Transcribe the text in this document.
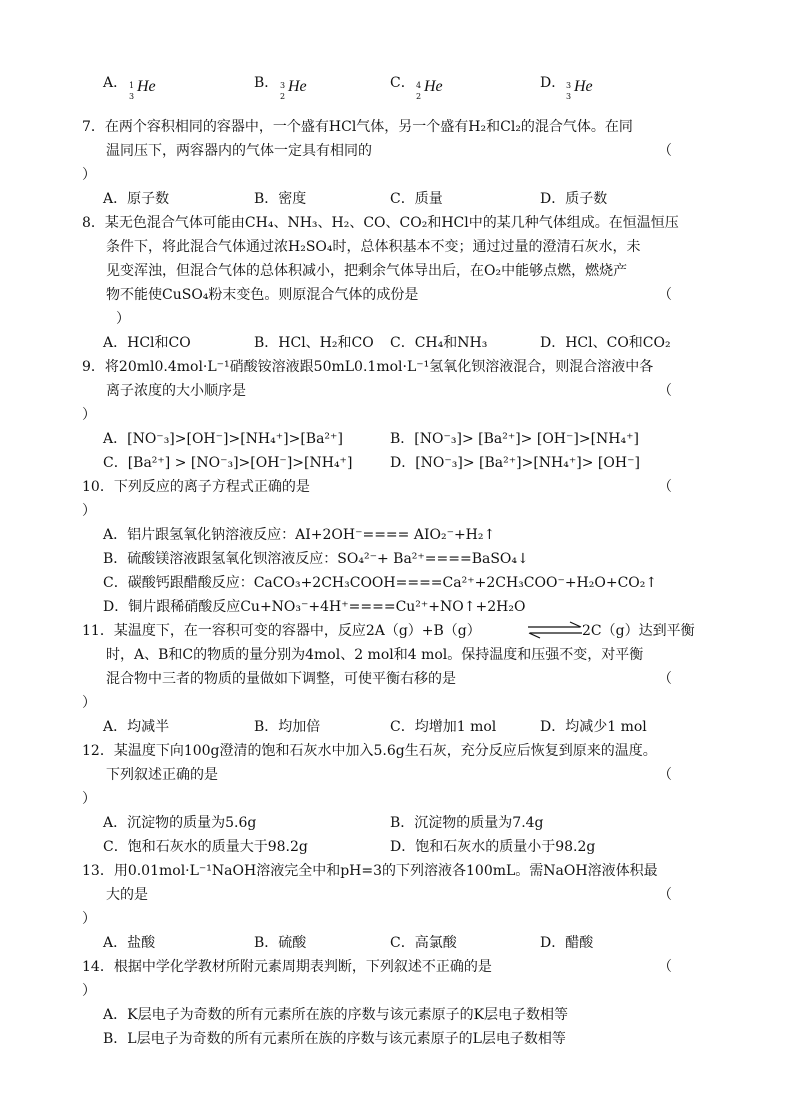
A． 1
3
He	B． 3
2
He	C． 4
2
He	D． 3
3
He
7．在两个容积相同的容器中，一个盛有HCl气体，另一个盛有H₂和Cl₂的混合气体。在同
温同压下，两容器内的气体一定具有相同的	（
）
A．原子数	B．密度	C．质量	D．质子数
8．某无色混合气体可能由CH₄、NH₃、H₂、CO、CO₂和HCl中的某几种气体组成。在恒温恒压
条件下，将此混合气体通过浓H₂SO₄时，总体积基本不变；通过过量的澄清石灰水，未
见变浑浊，但混合气体的总体积减小，把剩余气体导出后，在O₂中能够点燃，燃烧产
物不能使CuSO₄粉末变色。则原混合气体的成份是	（
）
A．HCl和CO	B．HCl、H₂和CO C．CH₄和NH₃	D．HCl、CO和CO₂
9．将20ml0.4mol·L⁻¹硝酸铵溶液跟50mL0.1mol·L⁻¹氢氧化钡溶液混合，则混合溶液中各
离子浓度的大小顺序是	（
）
A．[NO⁻₃]>[OH⁻]>[NH₄⁺]>[Ba²⁺]	B．[NO⁻₃]> [Ba²⁺]> [OH⁻]>[NH₄⁺]
C．[Ba²⁺] > [NO⁻₃]>[OH⁻]>[NH₄⁺]	D．[NO⁻₃]> [Ba²⁺]>[NH₄⁺]> [OH⁻]
10．下列反应的离子方程式正确的是	（
）
A．铝片跟氢氧化钠溶液反应：AI+2OH⁻==== AIO₂⁻+H₂↑
B．硫酸镁溶液跟氢氧化钡溶液反应：SO₄²⁻+ Ba²⁺====BaSO₄↓
C．碳酸钙跟醋酸反应：CaCO₃+2CH₃COOH====Ca²⁺+2CH₃COO⁻+H₂O+CO₂↑
D．铜片跟稀硝酸反应Cu+NO₃⁻+4H⁺====Cu²⁺+NO↑+2H₂O
11．某温度下，在一容积可变的容器中，反应2A（g）+B（g）	2C（g）达到平衡
时，A、B和C的物质的量分别为4mol、2 mol和4 mol。保持温度和压强不变，对平衡
混合物中三者的物质的量做如下调整，可使平衡右移的是	（
）
A．均减半	B．均加倍	C．均增加1 mol	D．均减少1 mol
12．某温度下向100g澄清的饱和石灰水中加入5.6g生石灰，充分反应后恢复到原来的温度。
下列叙述正确的是	（
）
A．沉淀物的质量为5.6g	B．沉淀物的质量为7.4g
C．饱和石灰水的质量大于98.2g	D．饱和石灰水的质量小于98.2g
13．用0.01mol·L⁻¹NaOH溶液完全中和pH=3的下列溶液各100mL。需NaOH溶液体积最
大的是	（
）
A．盐酸	B．硫酸	C．高氯酸	D．醋酸
14．根据中学化学教材所附元素周期表判断，下列叙述不正确的是	（
）
A．K层电子为奇数的所有元素所在族的序数与该元素原子的K层电子数相等
B．L层电子为奇数的所有元素所在族的序数与该元素原子的L层电子数相等
